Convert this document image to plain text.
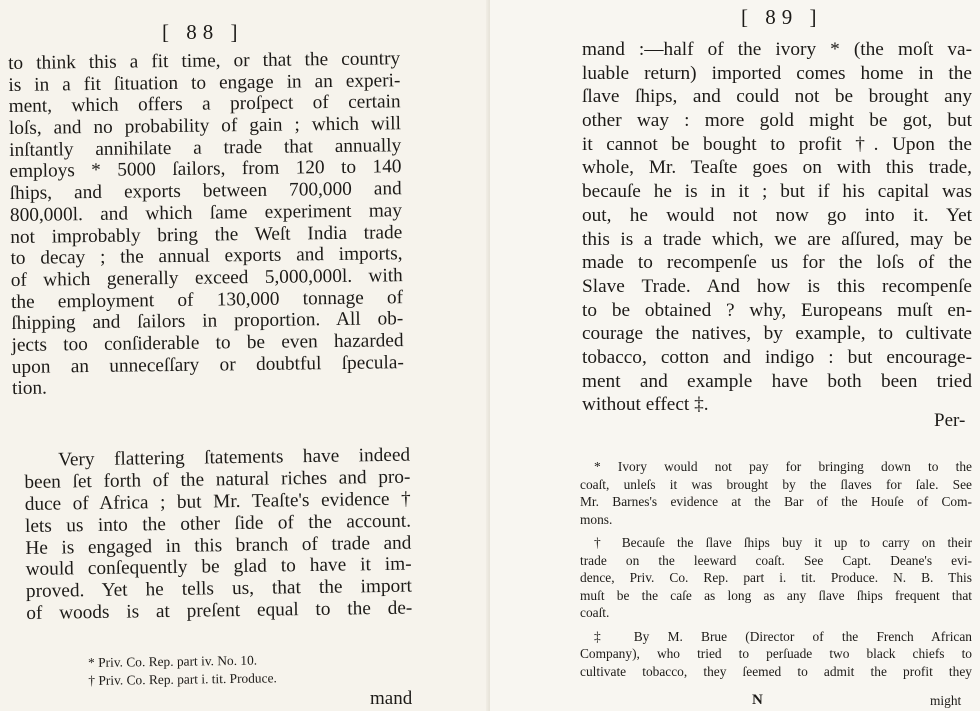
[ 88 ]
to think this a fit time, or that the country
is in a fit ſituation to engage in an experi-
ment, which offers a proſpect of certain
loſs, and no probability of gain ; which will
inſtantly annihilate a trade that annually
employs * 5000 ſailors, from 120 to 140
ſhips, and exports between 700,000 and
800,000l. and which ſame experiment may
not improbably bring the Weſt India trade
to decay ; the annual exports and imports,
of which generally exceed 5,000,000l. with
the employment of 130,000 tonnage of
ſhipping and ſailors in proportion. All ob-
jects too conſiderable to be even hazarded
upon an unneceſſary or doubtful ſpecula-
tion.
Very flattering ſtatements have indeed
been ſet forth of the natural riches and pro-
duce of Africa ; but Mr. Teaſte's evidence †
lets us into the other ſide of the account.
He is engaged in this branch of trade and
would conſequently be glad to have it im-
proved. Yet he tells us, that the import
of woods is at preſent equal to the de-
* Priv. Co. Rep. part iv. No. 10.
† Priv. Co. Rep. part i. tit. Produce.
mand
[ 89 ]
mand :—half of the ivory * (the moſt va-
luable return) imported comes home in the
ſlave ſhips, and could not be brought any
other way : more gold might be got, but
it cannot be bought to profit †. Upon the
whole, Mr. Teaſte goes on with this trade,
becauſe he is in it ; but if his capital was
out, he would not now go into it. Yet
this is a trade which, we are aſſured, may be
made to recompenſe us for the loſs of the
Slave Trade. And how is this recompenſe
to be obtained ? why, Europeans muſt en-
courage the natives, by example, to cultivate
tobacco, cotton and indigo : but encourage-
ment and example have both been tried
without effect ‡.
Per-
* Ivory would not pay for bringing down to the
coaſt, unleſs it was brought by the ſlaves for ſale. See
Mr. Barnes's evidence at the Bar of the Houſe of Com-
mons.
† Becauſe the ſlave ſhips buy it up to carry on their
trade on the leeward coaſt. See Capt. Deane's evi-
dence, Priv. Co. Rep. part i. tit. Produce. N. B. This
muſt be the caſe as long as any ſlave ſhips frequent that
coaſt.
‡ By M. Brue (Director of the French African
Company), who tried to perſuade two black chiefs to
cultivate tobacco, they ſeemed to admit the profit they
N	might
